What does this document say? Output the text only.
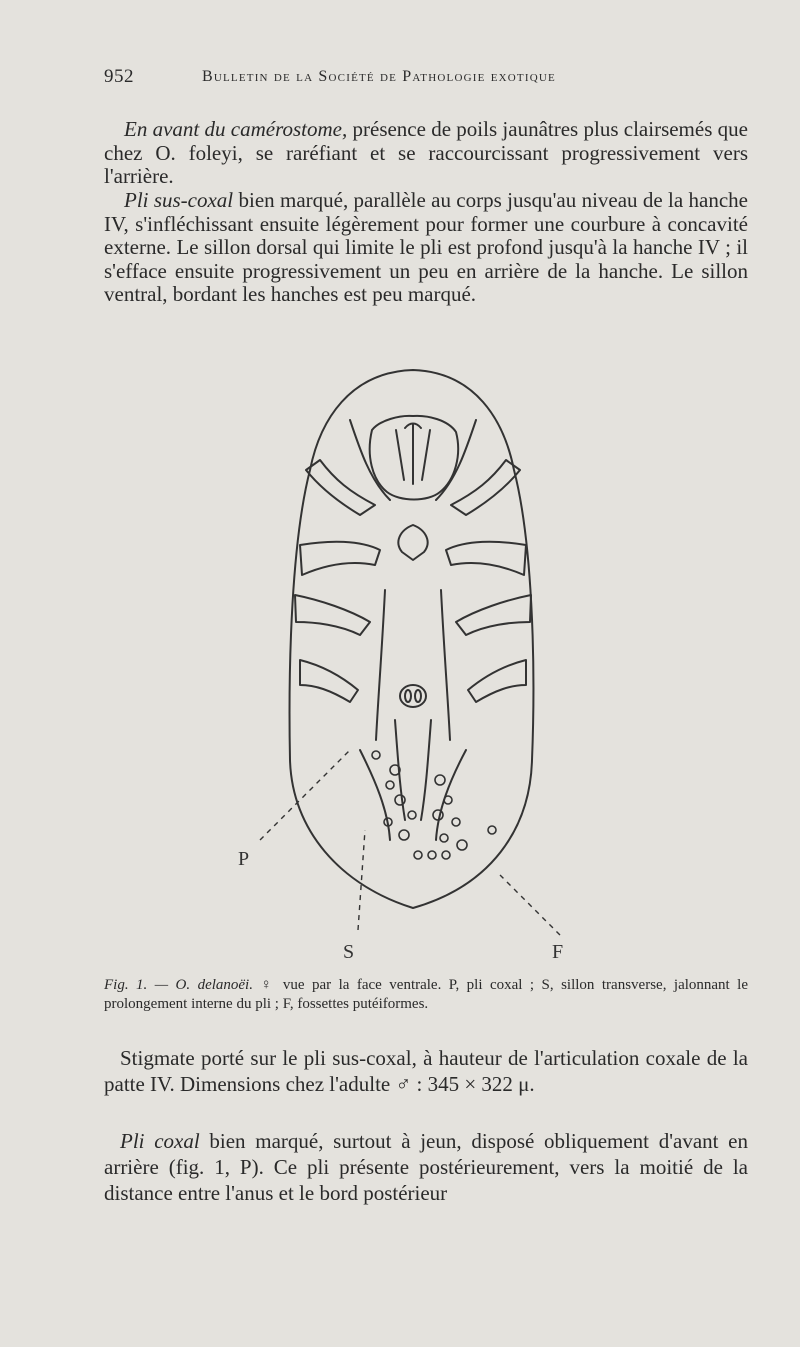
952	Bulletin de la Société de Pathologie exotique
En avant du camérostome, présence de poils jaunâtres plus clairsemés que chez O. foleyi, se raréfiant et se raccourcissant progressivement vers l'arrière.
Pli sus-coxal bien marqué, parallèle au corps jusqu'au niveau de la hanche IV, s'infléchissant ensuite légèrement pour former une courbure à concavité externe. Le sillon dorsal qui limite le pli est profond jusqu'à la hanche IV ; il s'efface ensuite progressivement un peu en arrière de la hanche. Le sillon ventral, bordant les hanches est peu marqué.
P
S	F
Fig. 1. — O. delanoëi. ♀ vue par la face ventrale. P, pli coxal ; S, sillon transverse, jalonnant le prolongement interne du pli ; F, fossettes putéiformes.
Stigmate porté sur le pli sus-coxal, à hauteur de l'articulation coxale de la patte IV. Dimensions chez l'adulte ♂ : 345 × 322 μ.
Pli coxal bien marqué, surtout à jeun, disposé obliquement d'avant en arrière (fig. 1, P). Ce pli présente postérieurement, vers la moitié de la distance entre l'anus et le bord postérieur
